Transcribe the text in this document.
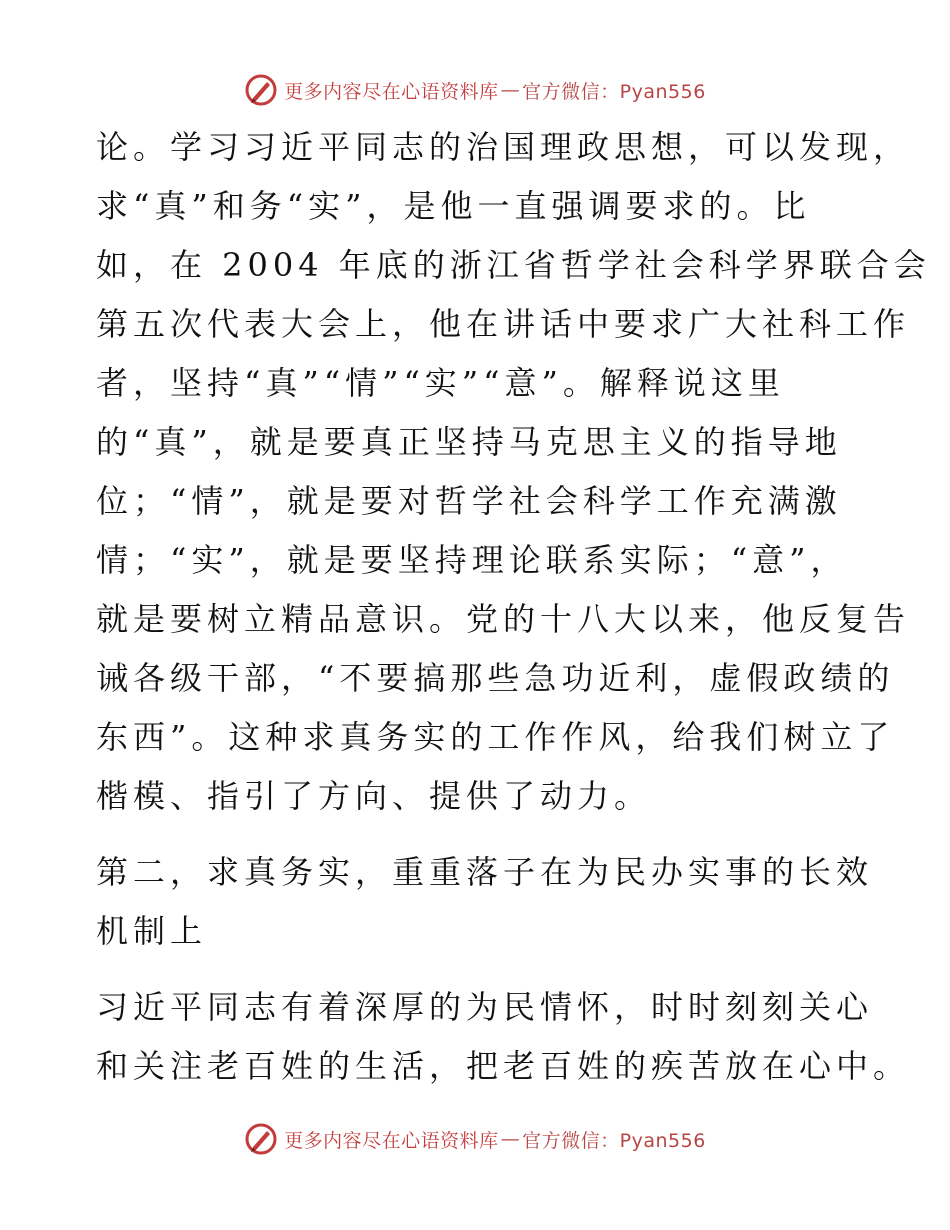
更多内容尽在心语资料库 — 官方微信：Pyan556
论。学习习近平同志的治国理政思想，可以发现，
求“真”和务“实”，是他一直强调要求的。比
如，在 2004 年底的浙江省哲学社会科学界联合会
第五次代表大会上，他在讲话中要求广大社科工作
者，坚持“真”“情”“实”“意”。解释说这里
的“真”，就是要真正坚持马克思主义的指导地
位；“情”，就是要对哲学社会科学工作充满激
情；“实”，就是要坚持理论联系实际；“意”，
就是要树立精品意识。党的十八大以来，他反复告
诫各级干部，“不要搞那些急功近利，虚假政绩的
东西”。这种求真务实的工作作风，给我们树立了
楷模、指引了方向、提供了动力。
第二，求真务实，重重落子在为民办实事的长效
机制上
习近平同志有着深厚的为民情怀，时时刻刻关心
和关注老百姓的生活，把老百姓的疾苦放在心中。
更多内容尽在心语资料库 — 官方微信：Pyan556
